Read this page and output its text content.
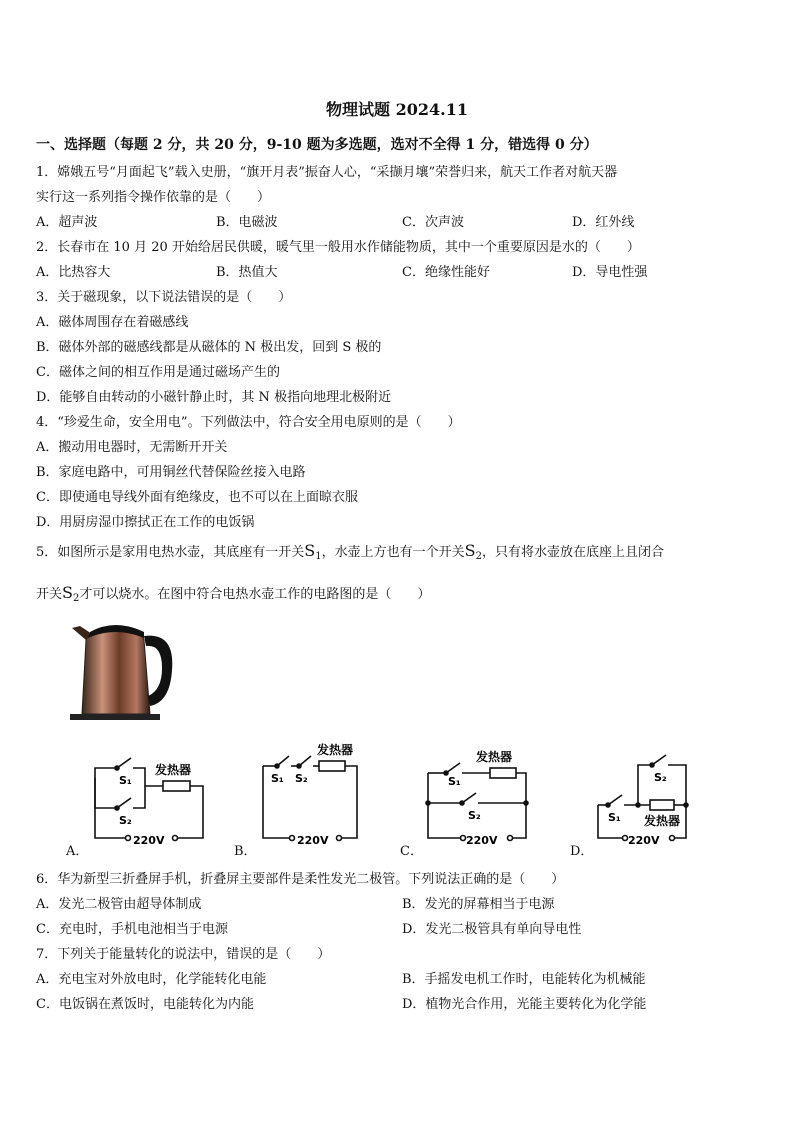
物理试题 2024.11
一、选择题（每题 2 分，共 20 分，9-10 题为多选题，选对不全得 1 分，错选得 0 分）
1．嫦娥五号“月面起飞”载入史册，“旗开月表”振奋人心，“采撷月壤”荣誉归来，航天工作者对航天器
实行这一系列指令操作依靠的是（　　）
A．超声波	B．电磁波	C．次声波	D．红外线
2．长春市在 10 月 20 开始给居民供暖，暖气里一般用水作储能物质，其中一个重要原因是水的（　　）
A．比热容大	B．热值大	C．绝缘性能好	D．导电性强
3．关于磁现象，以下说法错误的是（　　）
A．磁体周围存在着磁感线
B．磁体外部的磁感线都是从磁体的 N 极出发，回到 S 极的
C．磁体之间的相互作用是通过磁场产生的
D．能够自由转动的小磁针静止时，其 N 极指向地理北极附近
4．“珍爱生命，安全用电”。下列做法中，符合安全用电原则的是（　　）
A．搬动用电器时，无需断开开关
B．家庭电路中，可用铜丝代替保险丝接入电路
C．即使通电导线外面有绝缘皮，也不可以在上面晾衣服
D．用厨房湿巾擦拭正在工作的电饭锅
5．如图所示是家用电热水壶，其底座有一开关$S_1$，水壶上方也有一个开关$S_2$，只有将水壶放在底座上且闭合
开关$S_2$才可以烧水。在图中符合电热水壶工作的电路图的是（　　）
S₁
S₂
发热器
220V
A．
S₁ S₂
发热器
220V
B．
S₁
S₂
发热器
220V
C．
S₁
S₂
发热器
220V
D．
6．华为新型三折叠屏手机，折叠屏主要部件是柔性发光二极管。下列说法正确的是（　　）
A．发光二极管由超导体制成	B．发光的屏幕相当于电源
C．充电时，手机电池相当于电源	D．发光二极管具有单向导电性
7．下列关于能量转化的说法中，错误的是（　　）
A．充电宝对外放电时，化学能转化电能	B．手摇发电机工作时，电能转化为机械能
C．电饭锅在煮饭时，电能转化为内能	D．植物光合作用，光能主要转化为化学能
